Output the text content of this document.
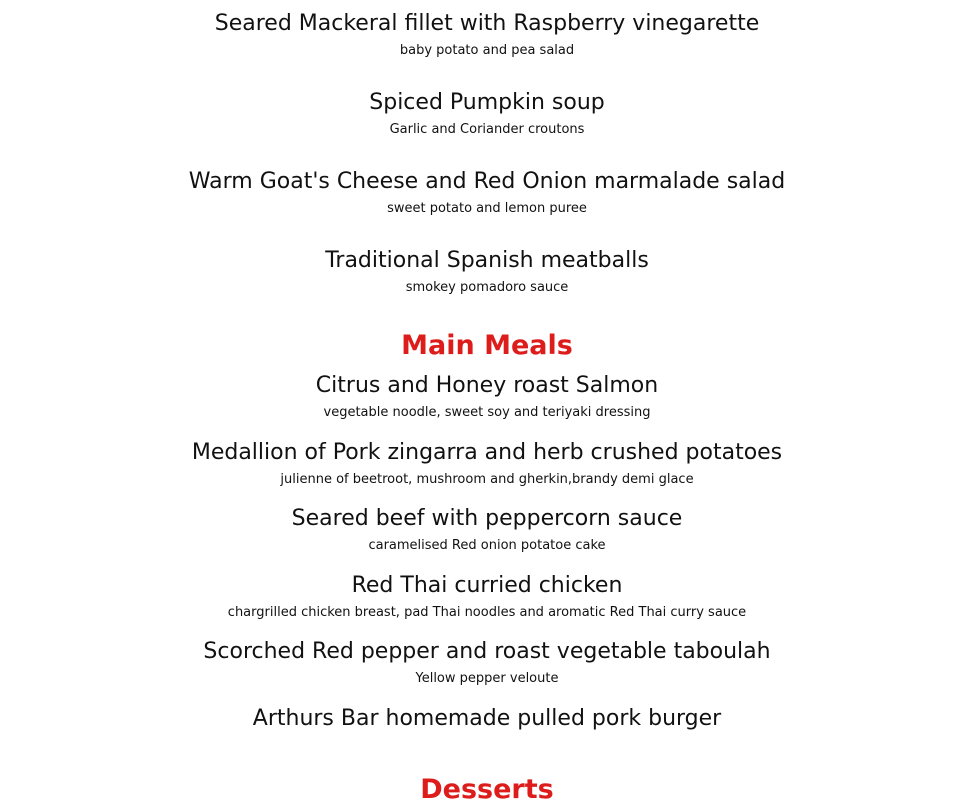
Seared Mackeral fillet with Raspberry vinegarette
baby potato and pea salad
Spiced Pumpkin soup
Garlic and Coriander croutons
Warm Goat's Cheese and Red Onion marmalade salad
sweet potato and lemon puree
Traditional Spanish meatballs
smokey pomadoro sauce
Main Meals
Citrus and Honey roast Salmon
vegetable noodle, sweet soy and teriyaki dressing
Medallion of Pork zingarra and herb crushed potatoes
julienne of beetroot, mushroom and gherkin,brandy demi glace
Seared beef with peppercorn sauce
caramelised Red onion potatoe cake
Red Thai curried chicken
chargrilled chicken breast, pad Thai noodles and aromatic Red Thai curry sauce
Scorched Red pepper and roast vegetable taboulah
Yellow pepper veloute
Arthurs Bar homemade pulled pork burger
Desserts
